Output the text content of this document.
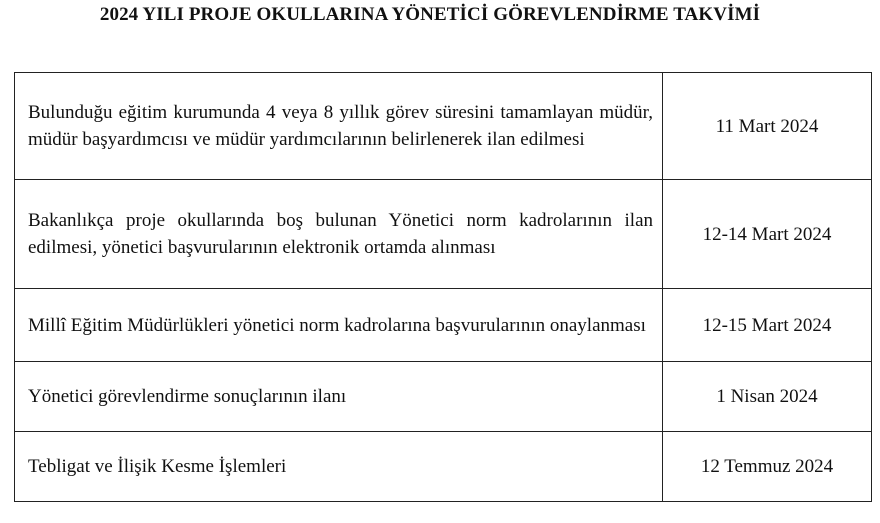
2024 YILI PROJE OKULLARINA YÖNETİCİ GÖREVLENDİRME TAKVİMİ
Bulunduğu eğitim kurumunda 4 veya 8 yıllık görev süresini tamamlayan müdür, müdür başyardımcısı ve müdür yardımcılarının belirlenerek ilan edilmesi	11 Mart 2024
Bakanlıkça proje okullarında boş bulunan Yönetici norm kadrolarının ilan edilmesi, yönetici başvurularının elektronik ortamda alınması	12-14 Mart 2024
Millî Eğitim Müdürlükleri yönetici norm kadrolarına başvurularının onaylanması	12-15 Mart 2024
Yönetici görevlendirme sonuçlarının ilanı	1 Nisan 2024
Tebligat ve İlişik Kesme İşlemleri	12 Temmuz 2024
